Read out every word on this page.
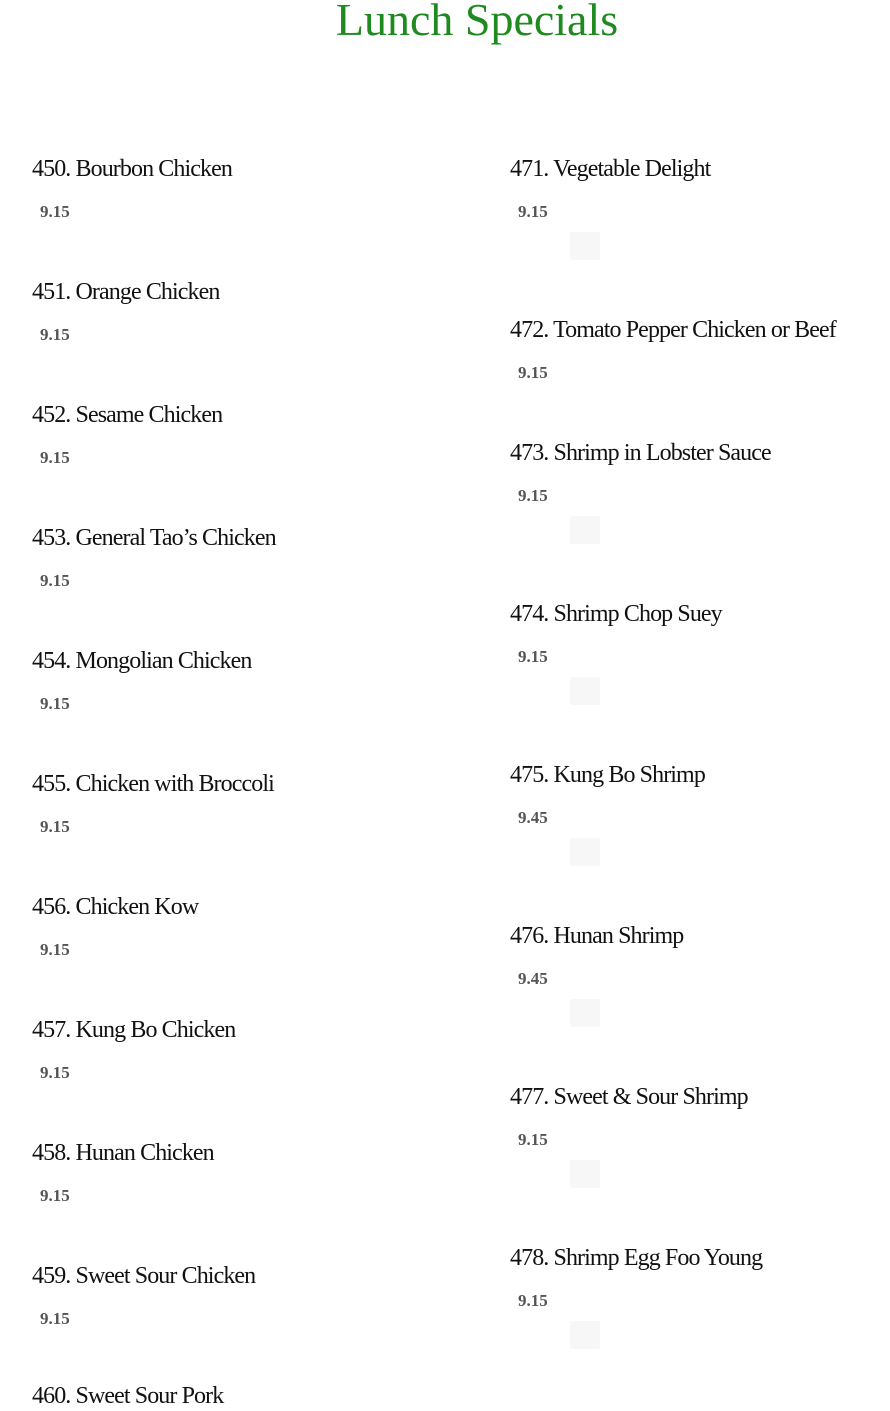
Lunch Specials
450. Bourbon Chicken
9.15
451. Orange Chicken
9.15
452. Sesame Chicken
9.15
453. General Tao’s Chicken
9.15
454. Mongolian Chicken
9.15
455. Chicken with Broccoli
9.15
456. Chicken Kow
9.15
457. Kung Bo Chicken
9.15
458. Hunan Chicken
9.15
459. Sweet Sour Chicken
9.15
460. Sweet Sour Pork
471. Vegetable Delight
9.15
472. Tomato Pepper Chicken or Beef
9.15
473. Shrimp in Lobster Sauce
9.15
474. Shrimp Chop Suey
9.15
475. Kung Bo Shrimp
9.45
476. Hunan Shrimp
9.45
477. Sweet & Sour Shrimp
9.15
478. Shrimp Egg Foo Young
9.15
